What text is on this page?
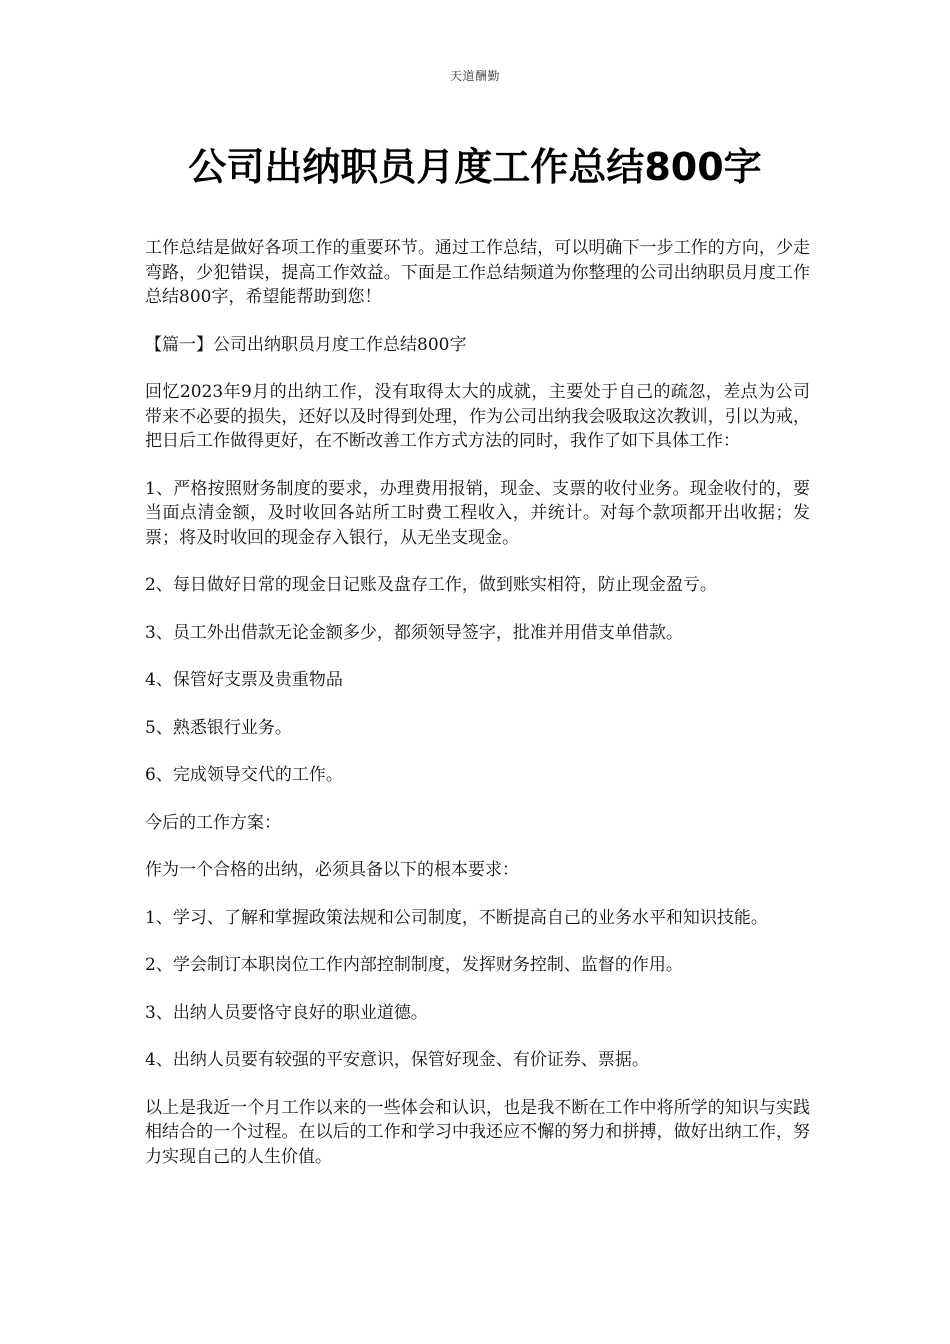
天道酬勤
公司出纳职员月度工作总结800字

工作总结是做好各项工作的重要环节。通过工作总结，可以明确下一步工作的方向，少走弯路，少犯错误，提高工作效益。下面是工作总结频道为你整理的公司出纳职员月度工作总结800字，希望能帮助到您！

【篇一】公司出纳职员月度工作总结800字

回忆2023年9月的出纳工作，没有取得太大的成就，主要处于自己的疏忽，差点为公司带来不必要的损失，还好以及时得到处理，作为公司出纳我会吸取这次教训，引以为戒，把日后工作做得更好，在不断改善工作方式方法的同时，我作了如下具体工作：

1、严格按照财务制度的要求，办理费用报销，现金、支票的收付业务。现金收付的，要当面点清金额，及时收回各站所工时费工程收入，并统计。对每个款项都开出收据；发票；将及时收回的现金存入银行，从无坐支现金。

2、每日做好日常的现金日记账及盘存工作，做到账实相符，防止现金盈亏。

3、员工外出借款无论金额多少，都须领导签字，批准并用借支单借款。

4、保管好支票及贵重物品

5、熟悉银行业务。

6、完成领导交代的工作。

今后的工作方案：

作为一个合格的出纳，必须具备以下的根本要求：

1、学习、了解和掌握政策法规和公司制度，不断提高自己的业务水平和知识技能。

2、学会制订本职岗位工作内部控制制度，发挥财务控制、监督的作用。

3、出纳人员要恪守良好的职业道德。

4、出纳人员要有较强的平安意识，保管好现金、有价证券、票据。

以上是我近一个月工作以来的一些体会和认识，也是我不断在工作中将所学的知识与实践相结合的一个过程。在以后的工作和学习中我还应不懈的努力和拼搏，做好出纳工作，努力实现自己的人生价值。
